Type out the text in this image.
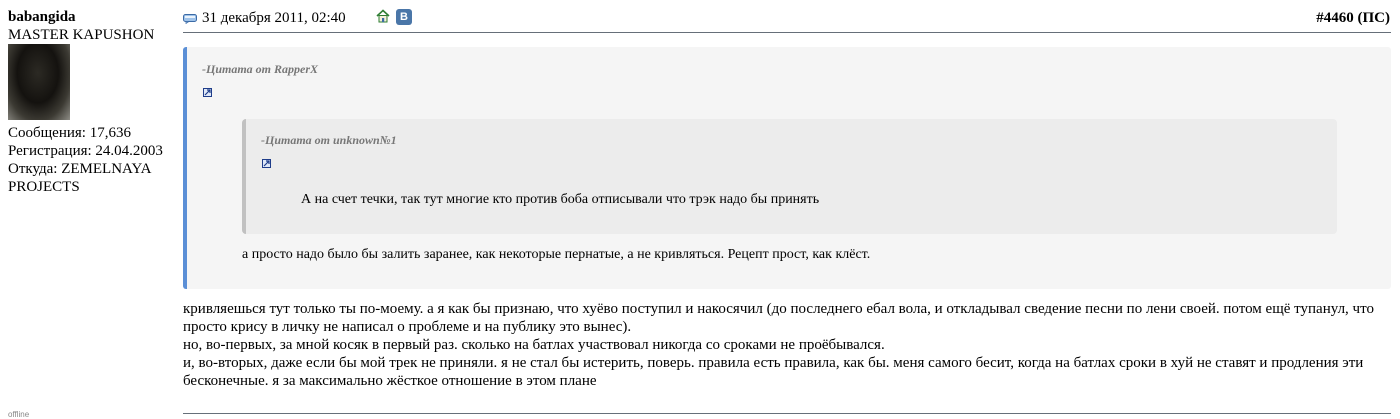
babangida
MASTER KAPUSHON
Сообщения: 17,636
Регистрация: 24.04.2003
Откуда: ZEMELNAYA PROJECTS
offline
31 декабря 2011, 02:40	В	#4460 (ПС)
-Цитата от RapperX
-Цитата от unknown№1
А на счет течки, так тут многие кто против боба отписывали что трэк надо бы принять
а просто надо было бы залить заранее, как некоторые пернатые, а не кривляться. Рецепт прост, как клёст.

кривляешься тут только ты по-моему. а я как бы признаю, что хуёво поступил и накосячил (до последнего ебал вола, и откладывал сведение песни по лени своей. потом ещё тупанул, что просто крису в личку не написал о проблеме и на публику это вынес).

но, во-первых, за мной косяк в первый раз. сколько на батлах участвовал никогда со сроками не проёбывался.

и, во-вторых, даже если бы мой трек не приняли. я не стал бы истерить, поверь. правила есть правила, как бы. меня самого бесит, когда на батлах сроки в хуй не ставят и продления эти бесконечные. я за максимально жёсткое отношение в этом плане
